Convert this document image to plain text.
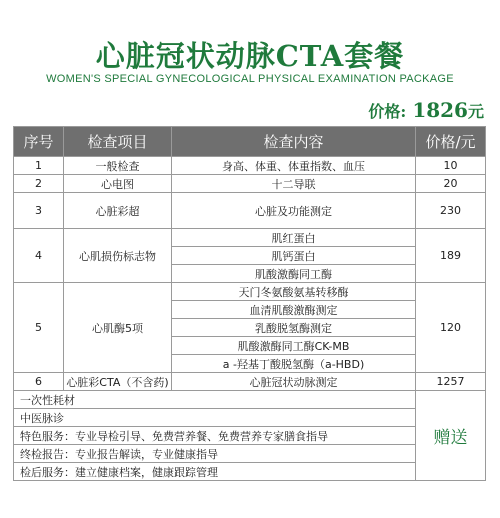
心脏冠状动脉CTA套餐
WOMEN'S SPECIAL GYNECOLOGICAL PHYSICAL EXAMINATION PACKAGE
价格: 1826元
序号	检查项目	检查内容	价格/元
1	一般检查	身高、体重、体重指数、血压	10
2	心电图	十二导联	20
3	心脏彩超	心脏及功能测定	230
4	心肌损伤标志物	肌红蛋白	189
		肌钙蛋白	
		肌酸激酶同工酶	
5	心肌酶5项	天门冬氨酸氨基转移酶	120
		血清肌酸激酶测定	
		乳酸脱氢酶测定	
		肌酸激酶同工酶CK-MB	
		a -羟基丁酸脱氢酶（a-HBD)	
6	心脏彩CTA（不含药)	心脏冠状动脉测定	1257
一次性耗材			赠送
中医脉诊			
特色服务：专业导检引导、免费营养餐、免费营养专家膳食指导			
终检报告：专业报告解读，专业健康指导			
检后服务：建立健康档案，健康跟踪管理			
